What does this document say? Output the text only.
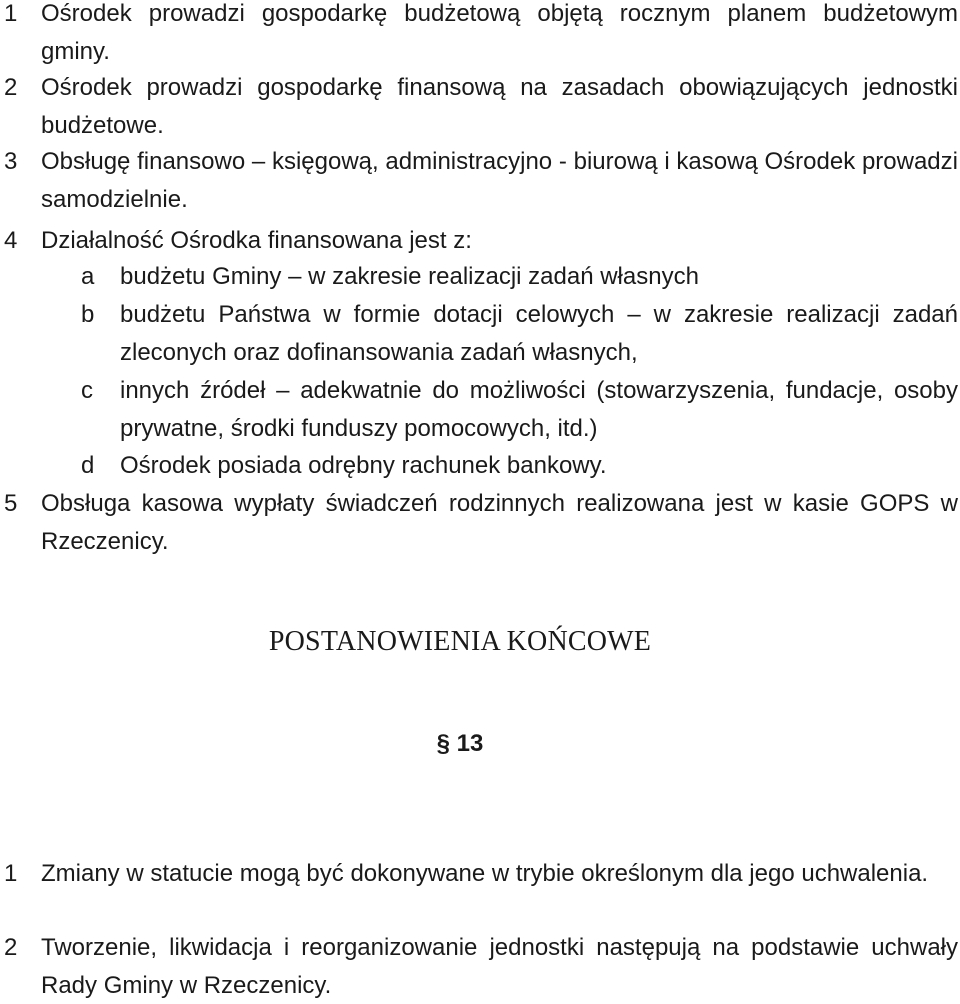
1 Ośrodek prowadzi gospodarkę budżetową objętą rocznym planem budżetowym gminy.
2 Ośrodek prowadzi gospodarkę finansową na zasadach obowiązujących jednostki budżetowe.
3 Obsługę finansowo – księgową, administracyjno - biurową i kasową Ośrodek prowadzi samodzielnie.
4 Działalność Ośrodka finansowana jest z:
a	budżetu Gminy – w zakresie realizacji zadań własnych
b	budżetu Państwa w formie dotacji celowych – w zakresie realizacji zadań zleconych oraz dofinansowania zadań własnych,
c	innych źródeł – adekwatnie do możliwości (stowarzyszenia, fundacje, osoby prywatne, środki funduszy pomocowych, itd.)
d	Ośrodek posiada odrębny rachunek bankowy.
5 Obsługa kasowa wypłaty świadczeń rodzinnych realizowana jest w kasie GOPS w Rzeczenicy.
POSTANOWIENIA KOŃCOWE
§ 13
1 Zmiany w statucie mogą być dokonywane w trybie określonym dla jego uchwalenia.
2 Tworzenie, likwidacja i reorganizowanie jednostki następują na podstawie uchwały Rady Gminy w Rzeczenicy.
